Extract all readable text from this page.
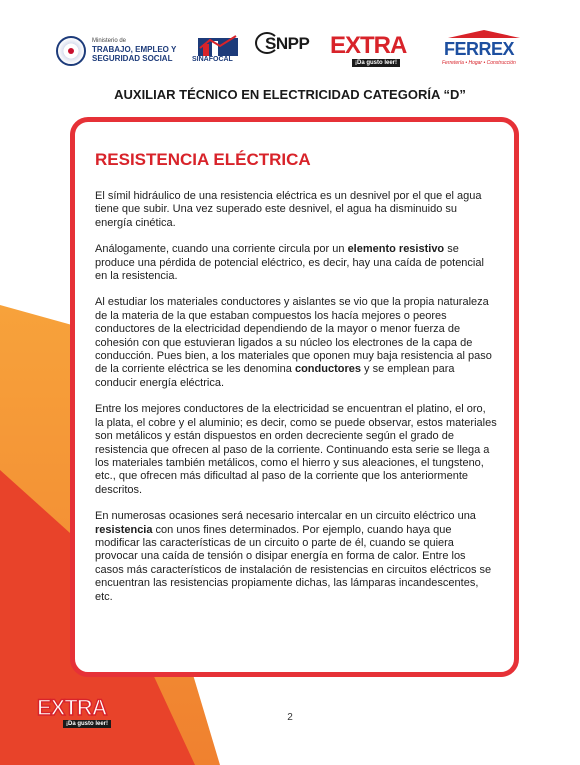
Ministerio de
TRABAJO, EMPLEO Y SEGURIDAD SOCIAL	SINAFOCAL
SNPP EXTRA
¡Da gusto leer!
FERREX
Ferretería • Hogar • Construcción
AUXILIAR TÉCNICO EN ELECTRICIDAD CATEGORÍA “D”
RESISTENCIA ELÉCTRICA

El símil hidráulico de una resistencia eléctrica es un desnivel por el que el agua tiene que subir. Una vez superado este desnivel, el agua ha disminuido su energía cinética.

Análogamente, cuando una corriente circula por un elemento resistivo se produce una pérdida de potencial eléctrico, es decir, hay una caída de potencial en la resistencia.

Al estudiar los materiales conductores y aislantes se vio que la propia naturaleza de la materia de la que estaban compuestos los hacía mejores o peores conductores de la electricidad dependiendo de la mayor o menor fuerza de cohesión con que estuvieran ligados a su núcleo los electrones de la capa de conducción. Pues bien, a los materiales que oponen muy baja resistencia al paso de la corriente eléctrica se les denomina conductores y se emplean para conducir energía eléctrica.

Entre los mejores conductores de la electricidad se encuentran el platino, el oro, la plata, el cobre y el aluminio; es decir, como se puede observar, estos materiales son metálicos y están dispuestos en orden decreciente según el grado de resistencia que ofrecen al paso de la corriente. Continuando esta serie se llega a los materiales también metálicos, como el hierro y sus aleaciones, el tungsteno, etc., que ofrecen más dificultad al paso de la corriente que los anteriormente descritos.

En numerosas ocasiones será necesario intercalar en un circuito eléctrico una resistencia con unos fines determinados. Por ejemplo, cuando haya que modificar las características de un circuito o parte de él, cuando se quiera provocar una caída de tensión o disipar energía en forma de calor. Entre los casos más característicos de instalación de resistencias en circuitos eléctricos se encuentran las resistencias propiamente dichas, las lámparas incandescentes, etc.

EXTRA
¡Da gusto leer!
2
